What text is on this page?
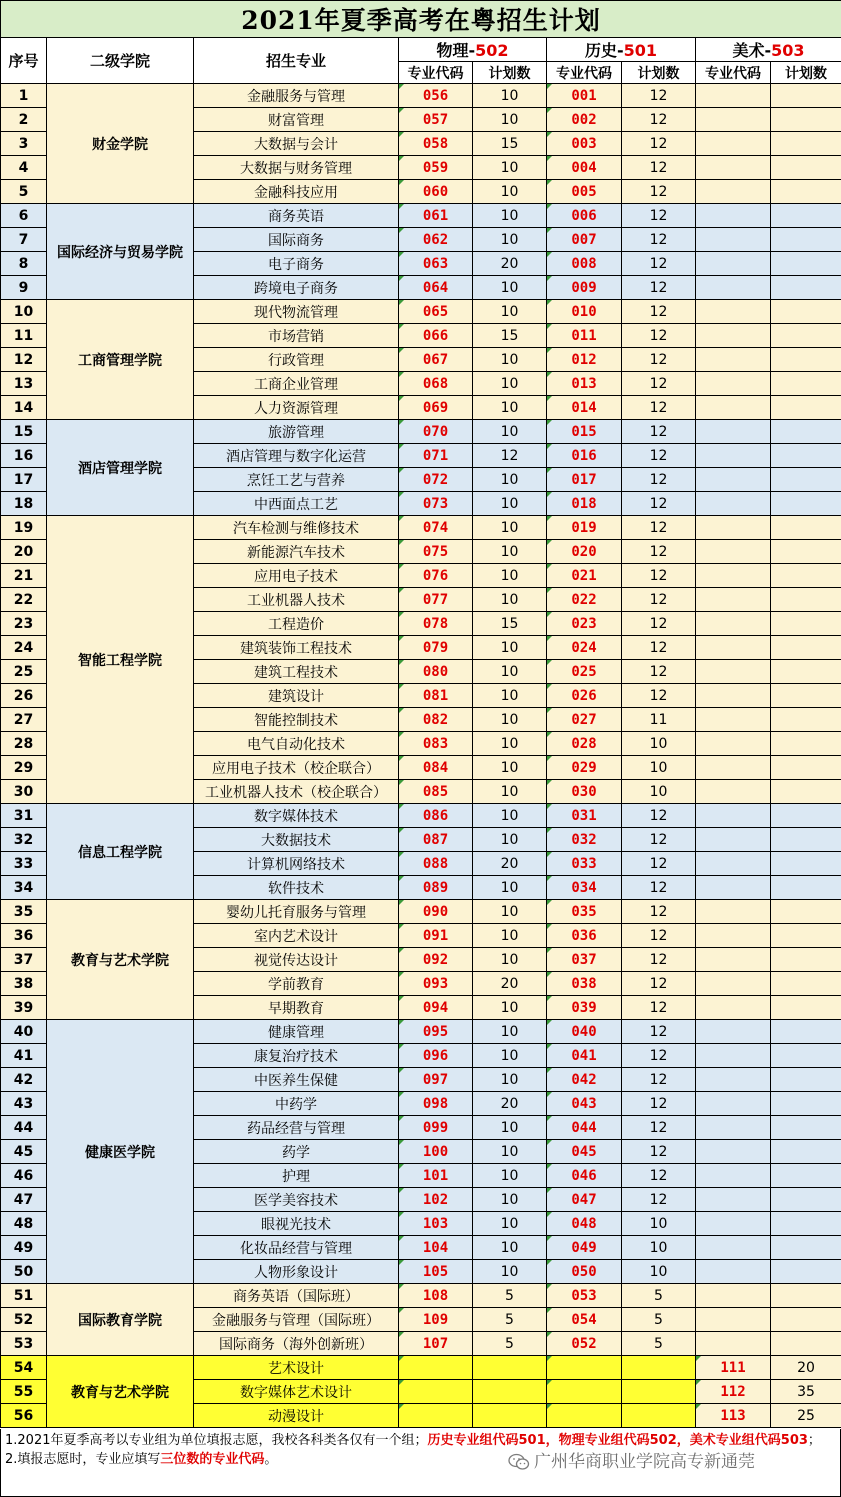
2021年夏季高考在粤招生计划								
序号	二级学院	招生专业	物理-502		历史-501		美术-503	
			专业代码	计划数	专业代码	计划数	专业代码	计划数
1	财金学院	金融服务与管理	056	10	001	12		
2		财富管理	057	10	002	12		
3		大数据与会计	058	15	003	12		
4		大数据与财务管理	059	10	004	12		
5		金融科技应用	060	10	005	12		
6	国际经济与贸易学院	商务英语	061	10	006	12		
7		国际商务	062	10	007	12		
8		电子商务	063	20	008	12		
9		跨境电子商务	064	10	009	12		
10	工商管理学院	现代物流管理	065	10	010	12		
11		市场营销	066	15	011	12		
12		行政管理	067	10	012	12		
13		工商企业管理	068	10	013	12		
14		人力资源管理	069	10	014	12		
15	酒店管理学院	旅游管理	070	10	015	12		
16		酒店管理与数字化运营	071	12	016	12		
17		烹饪工艺与营养	072	10	017	12		
18		中西面点工艺	073	10	018	12		
19	智能工程学院	汽车检测与维修技术	074	10	019	12		
20		新能源汽车技术	075	10	020	12		
21		应用电子技术	076	10	021	12		
22		工业机器人技术	077	10	022	12		
23		工程造价	078	15	023	12		
24		建筑装饰工程技术	079	10	024	12		
25		建筑工程技术	080	10	025	12		
26		建筑设计	081	10	026	12		
27		智能控制技术	082	10	027	11		
28		电气自动化技术	083	10	028	10		
29		应用电子技术（校企联合）	084	10	029	10		
30		工业机器人技术（校企联合）	085	10	030	10		
31	信息工程学院	数字媒体技术	086	10	031	12		
32		大数据技术	087	10	032	12		
33		计算机网络技术	088	20	033	12		
34		软件技术	089	10	034	12		
35	教育与艺术学院	婴幼儿托育服务与管理	090	10	035	12		
36		室内艺术设计	091	10	036	12		
37		视觉传达设计	092	10	037	12		
38		学前教育	093	20	038	12		
39		早期教育	094	10	039	12		
40	健康医学院	健康管理	095	10	040	12		
41		康复治疗技术	096	10	041	12		
42		中医养生保健	097	10	042	12		
43		中药学	098	20	043	12		
44		药品经营与管理	099	10	044	12		
45		药学	100	10	045	12		
46		护理	101	10	046	12		
47		医学美容技术	102	10	047	12		
48		眼视光技术	103	10	048	10		
49		化妆品经营与管理	104	10	049	10		
50		人物形象设计	105	10	050	10		
51	国际教育学院	商务英语（国际班）	108	5	053	5		
52		金融服务与管理（国际班）	109	5	054	5		
53		国际商务（海外创新班）	107	5	052	5		
54	教育与艺术学院	艺术设计					111	20
55		数字媒体艺术设计					112	35
56		动漫设计					113	25
1.2021年夏季高考以专业组为单位填报志愿，我校各科类各仅有一个组；历史专业组代码501，物理专业组代码502，美术专业组代码503；
2.填报志愿时，专业应填写三位数的专业代码。	广州华商职业学院高专新通莞
